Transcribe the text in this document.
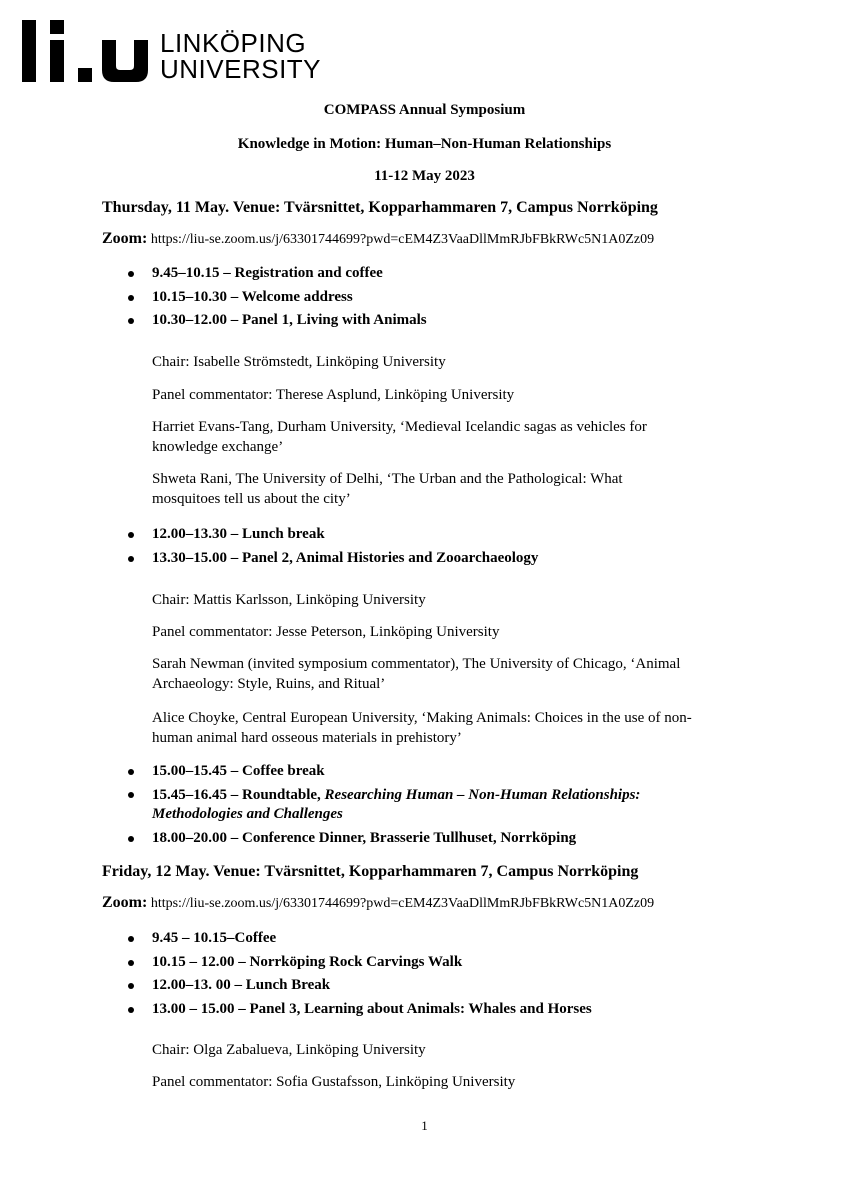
LINKÖPING
UNIVERSITY
COMPASS Annual Symposium
Knowledge in Motion: Human–Non-Human Relationships
11-12 May 2023
Thursday, 11 May. Venue: Tvärsnittet, Kopparhammaren 7, Campus Norrköping
Zoom: https://liu-se.zoom.us/j/63301744699?pwd=cEM4Z3VaaDllMmRJbFBkRWc5N1A0Zz09
9.45–10.15 – Registration and coffee
10.15–10.30 – Welcome address
10.30–12.00 – Panel 1, Living with Animals
Chair: Isabelle Strömstedt, Linköping University
Panel commentator: Therese Asplund, Linköping University
Harriet Evans-Tang, Durham University, ‘Medieval Icelandic sagas as vehicles for
knowledge exchange’
Shweta Rani, The University of Delhi, ‘The Urban and the Pathological: What
mosquitoes tell us about the city’
12.00–13.30 – Lunch break
13.30–15.00 – Panel 2, Animal Histories and Zooarchaeology
Chair: Mattis Karlsson, Linköping University
Panel commentator: Jesse Peterson, Linköping University
Sarah Newman (invited symposium commentator), The University of Chicago, ‘Animal
Archaeology: Style, Ruins, and Ritual’
Alice Choyke, Central European University, ‘Making Animals: Choices in the use of non-
human animal hard osseous materials in prehistory’
15.00–15.45 – Coffee break
15.45–16.45 – Roundtable, Researching Human – Non-Human Relationships: Methodologies and Challenges
18.00–20.00 – Conference Dinner, Brasserie Tullhuset, Norrköping
Friday, 12 May. Venue: Tvärsnittet, Kopparhammaren 7, Campus Norrköping
Zoom: https://liu-se.zoom.us/j/63301744699?pwd=cEM4Z3VaaDllMmRJbFBkRWc5N1A0Zz09
9.45 – 10.15–Coffee
10.15 – 12.00 – Norrköping Rock Carvings Walk
12.00–13. 00 – Lunch Break
13.00 – 15.00 – Panel 3, Learning about Animals: Whales and Horses
Chair: Olga Zabalueva, Linköping University
Panel commentator: Sofia Gustafsson, Linköping University
1
